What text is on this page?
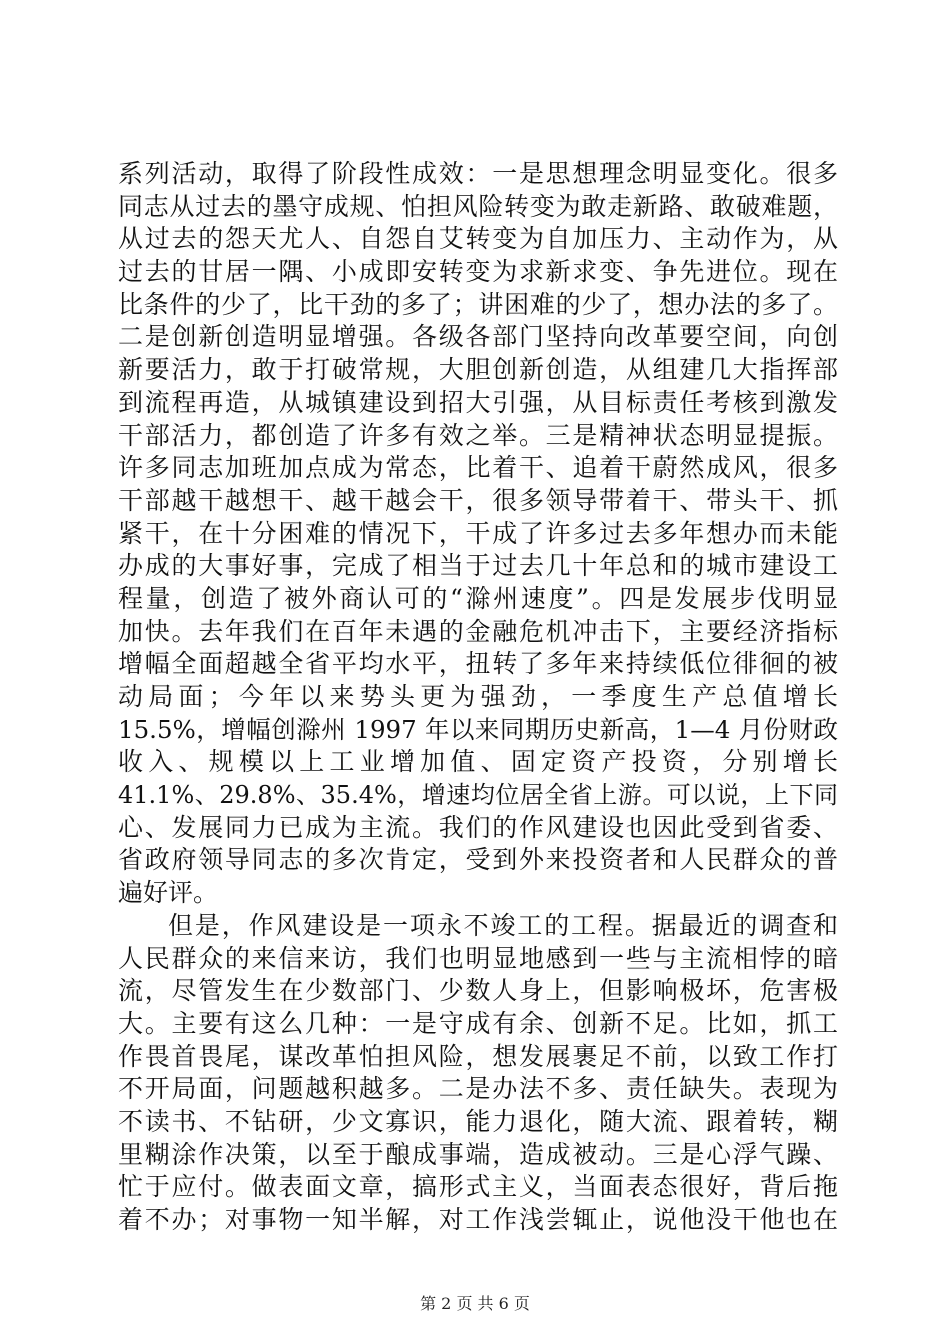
系列活动，取得了阶段性成效：一是思想理念明显变化。很多
同志从过去的墨守成规、怕担风险转变为敢走新路、敢破难题，
从过去的怨天尤人、自怨自艾转变为自加压力、主动作为，从
过去的甘居一隅、小成即安转变为求新求变、争先进位。现在
比条件的少了，比干劲的多了；讲困难的少了，想办法的多了。
二是创新创造明显增强。各级各部门坚持向改革要空间，向创
新要活力，敢于打破常规，大胆创新创造，从组建几大指挥部
到流程再造，从城镇建设到招大引强，从目标责任考核到激发
干部活力，都创造了许多有效之举。三是精神状态明显提振。
许多同志加班加点成为常态，比着干、追着干蔚然成风，很多
干部越干越想干、越干越会干，很多领导带着干、带头干、抓
紧干，在十分困难的情况下，干成了许多过去多年想办而未能
办成的大事好事，完成了相当于过去几十年总和的城市建设工
程量，创造了被外商认可的“滁州速度”。四是发展步伐明显
加快。去年我们在百年未遇的金融危机冲击下，主要经济指标
增幅全面超越全省平均水平，扭转了多年来持续低位徘徊的被
动局面；今年以来势头更为强劲，一季度生产总值增长
15.5%，增幅创滁州 1997 年以来同期历史新高，1—4 月份财政
收入、规模以上工业增加值、固定资产投资，分别增长
41.1%、29.8%、35.4%，增速均位居全省上游。可以说，上下同
心、发展同力已成为主流。我们的作风建设也因此受到省委、
省政府领导同志的多次肯定，受到外来投资者和人民群众的普
遍好评。
但是，作风建设是一项永不竣工的工程。据最近的调查和
人民群众的来信来访，我们也明显地感到一些与主流相悖的暗
流，尽管发生在少数部门、少数人身上，但影响极坏，危害极
大。主要有这么几种：一是守成有余、创新不足。比如，抓工
作畏首畏尾，谋改革怕担风险，想发展裹足不前，以致工作打
不开局面，问题越积越多。二是办法不多、责任缺失。表现为
不读书、不钻研，少文寡识，能力退化，随大流、跟着转，糊
里糊涂作决策，以至于酿成事端，造成被动。三是心浮气躁、
忙于应付。做表面文章，搞形式主义，当面表态很好，背后拖
着不办；对事物一知半解，对工作浅尝辄止，说他没干他也在
第 2 页 共 6 页
